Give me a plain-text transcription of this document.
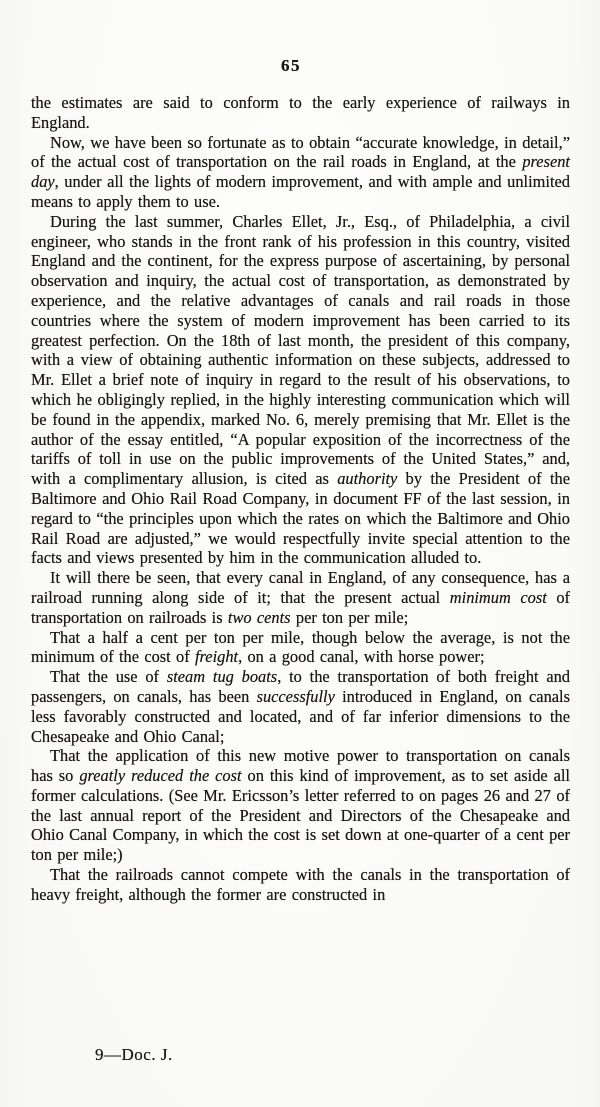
65

the estimates are said to conform to the early experience of railways in England.

Now, we have been so fortunate as to obtain “accurate knowledge, in detail,” of the actual cost of transportation on the rail roads in England, at the present day, under all the lights of modern improvement, and with ample and unlimited means to apply them to use.

During the last summer, Charles Ellet, Jr., Esq., of Philadelphia, a civil engineer, who stands in the front rank of his profession in this country, visited England and the continent, for the express purpose of ascertaining, by personal observation and inquiry, the actual cost of transportation, as demonstrated by experience, and the relative advantages of canals and rail roads in those countries where the system of modern improvement has been carried to its greatest perfection. On the 18th of last month, the president of this company, with a view of obtaining authentic information on these subjects, addressed to Mr. Ellet a brief note of inquiry in regard to the result of his observations, to which he obligingly replied, in the highly interesting communication which will be found in the appendix, marked No. 6, merely premising that Mr. Ellet is the author of the essay entitled, “A popular exposition of the incorrectness of the tariffs of toll in use on the public improvements of the United States,” and, with a complimentary allusion, is cited as authority by the President of the Baltimore and Ohio Rail Road Company, in document FF of the last session, in regard to “the principles upon which the rates on which the Baltimore and Ohio Rail Road are adjusted,” we would respectfully invite special attention to the facts and views presented by him in the communication alluded to.

It will there be seen, that every canal in England, of any consequence, has a railroad running along side of it; that the present actual minimum cost of transportation on railroads is two cents per ton per mile;

That a half a cent per ton per mile, though below the average, is not the minimum of the cost of freight, on a good canal, with horse power;

That the use of steam tug boats, to the transportation of both freight and passengers, on canals, has been successfully introduced in England, on canals less favorably constructed and located, and of far inferior dimensions to the Chesapeake and Ohio Canal;

That the application of this new motive power to transportation on canals has so greatly reduced the cost on this kind of improvement, as to set aside all former calculations. (See Mr. Ericsson’s letter referred to on pages 26 and 27 of the last annual report of the President and Directors of the Chesapeake and Ohio Canal Company, in which the cost is set down at one-quarter of a cent per ton per mile;)

That the railroads cannot compete with the canals in the transportation of heavy freight, although the former are constructed in

9—Doc. J.
